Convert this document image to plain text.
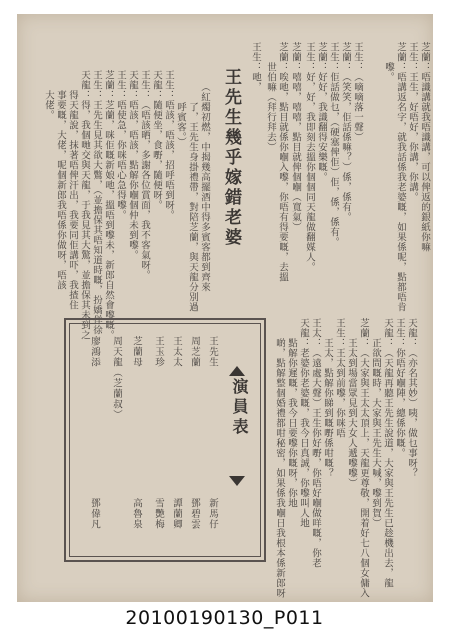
芝蘭：唔識講就我唔識講，可以俾返的銀紙你嘛
王生：王生，好唔好，你講，你講。
芝蘭：唔講返名字，就我話係我老婆嘅，如果係呢，點都唔肯
　　嚟。
王生：（嘀嘀落一聲）
芝蘭：（笑笑，佢話係嘛？）係，係有。
王生：佢話做乜，（硬塞俾佢）佢，係，係有。
芝蘭：好好，我識翻得安樂嘅。
王生：好，好，我即刻去搵你個個同天龍做翻媒人。
芝蘭：嘻嘻，嘻嘻，點目就俾個嗰（寬氣）
芝蘭：唉吔，點目就係你嗰入嚟，你唔有得要嘅，去搵
　　世伯嘛（拜行拜去）
王生：吔，
王先生幾乎嫁錯老婆
（紅燭初燃，中揭幾高擺酒中得多賓客都到齊來
　　了，王先生身掛禮帶，對陪芝蘭，與天龍分別過
　　呼賓客。）
王生：唔該，唔該，招呼唔到呀。
天龍：隨便坐，食嘢，隨便呀。
王生：（唔該晒，多謝各位賞面，我不客氣呀。
天龍：唔該，唔該，點解你嗰個仲未到嚟。
王生：唔使急，你咪唔心急得嚟。
芝蘭：芝蘭，咪佢嘅新娘吔，搵唔到嚟未，新郎自然會嚟嘅。
王生：王先生見其欲大鷩，（並擔保其唔知道時嘅，扮嬌佯徐
天龍：得，我個哋交與天龍，于我見其大驚，並擔保其未到之
　　得天龍說，抹著唔俾汗出，我要同佢講吓，我揸住
　　事要嘅，大佬，呢個新郎我唔係你做呀，唔該
　　大佬。
天龍：（亦名其妙）咦，做乜事呀？
王生：你唔好嗰陣，總係你嘅。
天龍：（天龍再聽王先生說道，大家與王先生已趁機出去，龍
　　正欲問嘅時，大家與王先生大喊，嚟到賀）
芝蘭：（大家與王太太頂上，天龍更尊敬，開着好七八個女傭入
　　王太到場當眾見到大女人遞嚟嚟）
王生：王太到前嚟，你咪唔
　　王太，點解你睇到嘅嘢係咁嘅？
王太：（遠處大聲）王生你好嘢，你唔好嗰做咩嘅，你老
天龍：老婆你老婆嘅，我今日真誠，你嚟叫人地
　　點解你遲嘅，我今日要嚟你嘅呀，你地
　　啲，點解整個婚禮都咁秘密，如果係我嗰日我根本係新郎呀
演員表
王先生
新馬仔
周芝蘭
鄧碧雲
王太太
譚蘭卿
王玉珍
雪艷梅
芝蘭母
高魯泉
周天龍（芝蘭叔）
廖鴻添
鄧偉凡
20100190130_P011
